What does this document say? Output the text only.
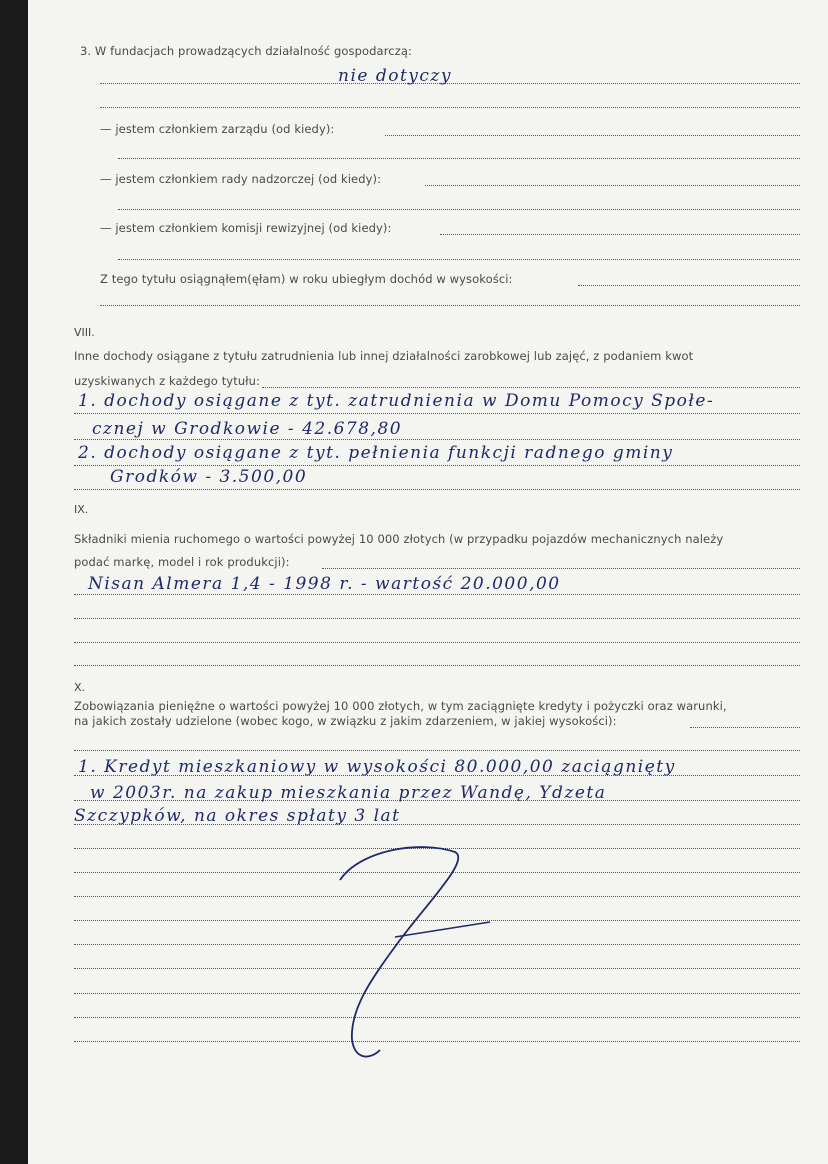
3. W fundacjach prowadzących działalność gospodarczą:
nie dotyczy
— jestem członkiem zarządu (od kiedy):
— jestem członkiem rady nadzorczej (od kiedy):
— jestem członkiem komisji rewizyjnej (od kiedy):
Z tego tytułu osiągnąłem(ęłam) w roku ubiegłym dochód w wysokości:
VIII.
Inne dochody osiągane z tytułu zatrudnienia lub innej działalności zarobkowej lub zajęć, z podaniem kwot
uzyskiwanych z każdego tytułu:
1. dochody osiągane z tyt. zatrudnienia w Domu Pomocy Społe-
cznej w Grodkowie - 42.678,80
2. dochody osiągane z tyt. pełnienia funkcji radnego gminy
Grodków - 3.500,00
IX.
Składniki mienia ruchomego o wartości powyżej 10 000 złotych (w przypadku pojazdów mechanicznych należy
podać markę, model i rok produkcji):
Nisan Almera 1,4 - 1998 r. - wartość 20.000,00
X.
Zobowiązania pieniężne o wartości powyżej 10 000 złotych, w tym zaciągnięte kredyty i pożyczki oraz warunki,
na jakich zostały udzielone (wobec kogo, w związku z jakim zdarzeniem, w jakiej wysokości):
1. Kredyt mieszkaniowy w wysokości 80.000,00 zaciągnięty
w 2003r. na zakup mieszkania przez Wandę, Ydzeta
Szczypków, na okres spłaty 3 lat
